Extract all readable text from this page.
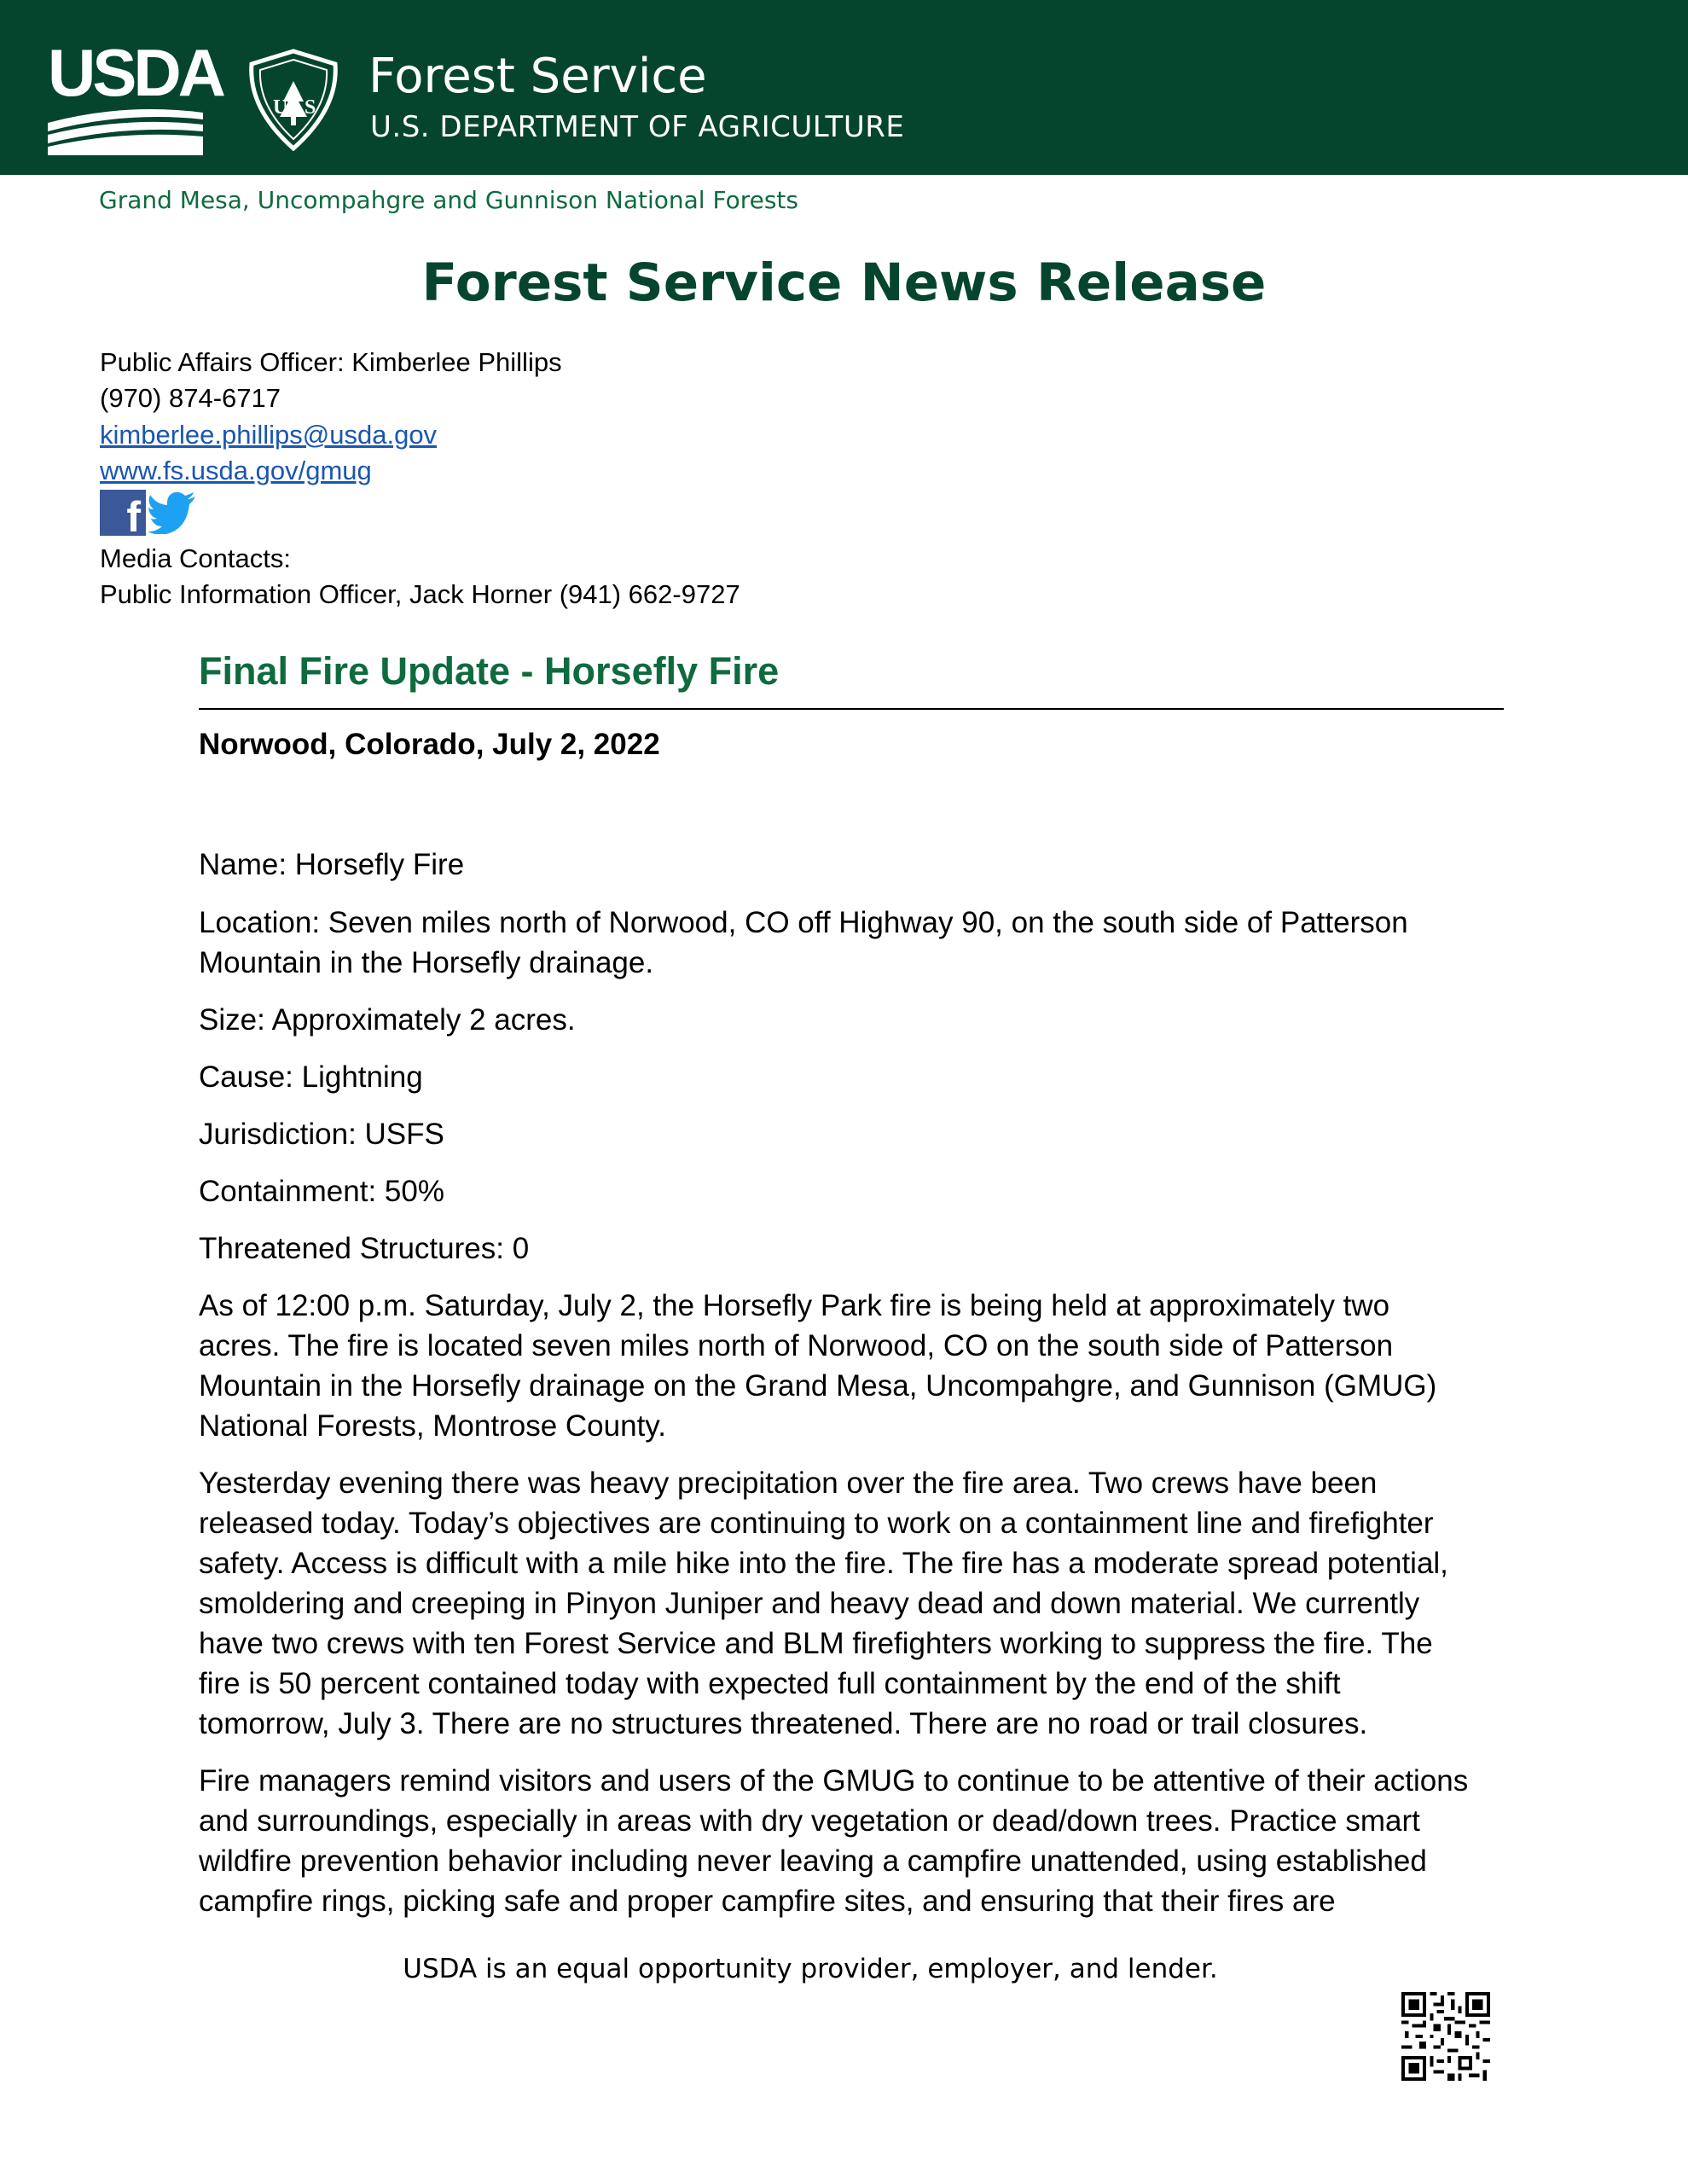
USDA U S
Forest Service
U.S. DEPARTMENT OF AGRICULTURE
Grand Mesa, Uncompahgre and Gunnison National Forests
Forest Service News Release
Public Affairs Officer: Kimberlee Phillips
(970) 874-6717
kimberlee.phillips@usda.gov
www.fs.usda.gov/gmug
f
Media Contacts:
Public Information Officer, Jack Horner (941) 662-9727
Final Fire Update - Horsefly Fire
Norwood, Colorado, July 2, 2022
Name: Horsefly Fire
Location: Seven miles north of Norwood, CO off Highway 90, on the south side of Patterson
Mountain in the Horsefly drainage.
Size: Approximately 2 acres.
Cause: Lightning
Jurisdiction: USFS
Containment: 50%
Threatened Structures: 0
As of 12:00 p.m. Saturday, July 2, the Horsefly Park fire is being held at approximately two
acres. The fire is located seven miles north of Norwood, CO on the south side of Patterson
Mountain in the Horsefly drainage on the Grand Mesa, Uncompahgre, and Gunnison (GMUG)
National Forests, Montrose County.
Yesterday evening there was heavy precipitation over the fire area. Two crews have been
released today. Today’s objectives are continuing to work on a containment line and firefighter
safety. Access is difficult with a mile hike into the fire. The fire has a moderate spread potential,
smoldering and creeping in Pinyon Juniper and heavy dead and down material. We currently
have two crews with ten Forest Service and BLM firefighters working to suppress the fire. The
fire is 50 percent contained today with expected full containment by the end of the shift
tomorrow, July 3. There are no structures threatened. There are no road or trail closures.
Fire managers remind visitors and users of the GMUG to continue to be attentive of their actions
and surroundings, especially in areas with dry vegetation or dead/down trees. Practice smart
wildfire prevention behavior including never leaving a campfire unattended, using established
campfire rings, picking safe and proper campfire sites, and ensuring that their fires are
USDA is an equal opportunity provider, employer, and lender.
